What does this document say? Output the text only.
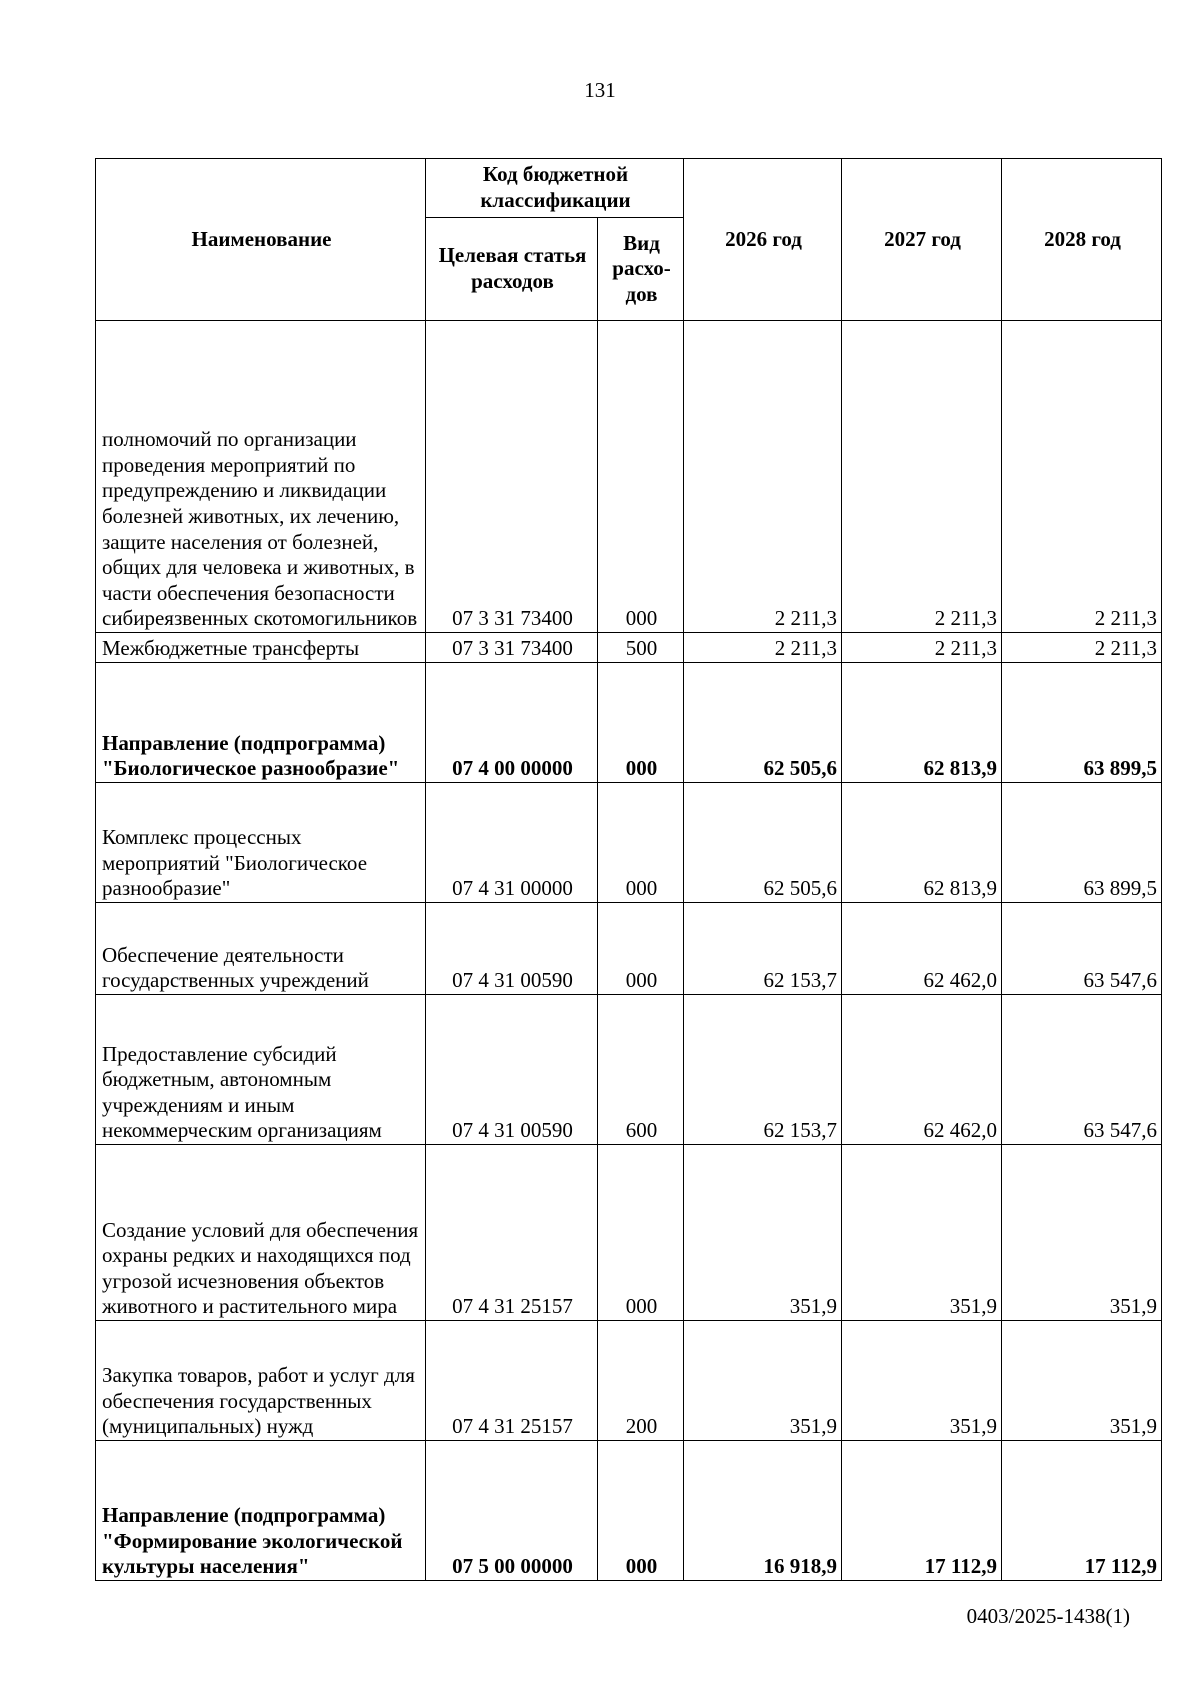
131
Наименование	Код бюджетной классификации		2026 год	2027 год	2028 год
	Целевая статья расходов	Вид расхо-дов			
полномочий по организации проведения мероприятий по предупреждению и ликвидации болезней животных, их лечению, защите населения от болезней, общих для человека и животных, в части обеспечения безопасности сибиреязвенных скотомогильников	07 3 31 73400	000	2 211,3	2 211,3	2 211,3
Межбюджетные трансферты	07 3 31 73400	500	2 211,3	2 211,3	2 211,3
Направление (подпрограмма) "Биологическое разнообразие"	07 4 00 00000	000	62 505,6	62 813,9	63 899,5
Комплекс процессных мероприятий "Биологическое разнообразие"	07 4 31 00000	000	62 505,6	62 813,9	63 899,5
Обеспечение деятельности государственных учреждений	07 4 31 00590	000	62 153,7	62 462,0	63 547,6
Предоставление субсидий бюджетным, автономным учреждениям и иным некоммерческим организациям	07 4 31 00590	600	62 153,7	62 462,0	63 547,6
Создание условий для обеспечения охраны редких и находящихся под угрозой исчезновения объектов животного и растительного мира	07 4 31 25157	000	351,9	351,9	351,9
Закупка товаров, работ и услуг для обеспечения государственных (муниципальных) нужд	07 4 31 25157	200	351,9	351,9	351,9
Направление (подпрограмма) "Формирование экологической культуры населения"	07 5 00 00000	000	16 918,9	17 112,9	17 112,9
0403/2025-1438(1)
